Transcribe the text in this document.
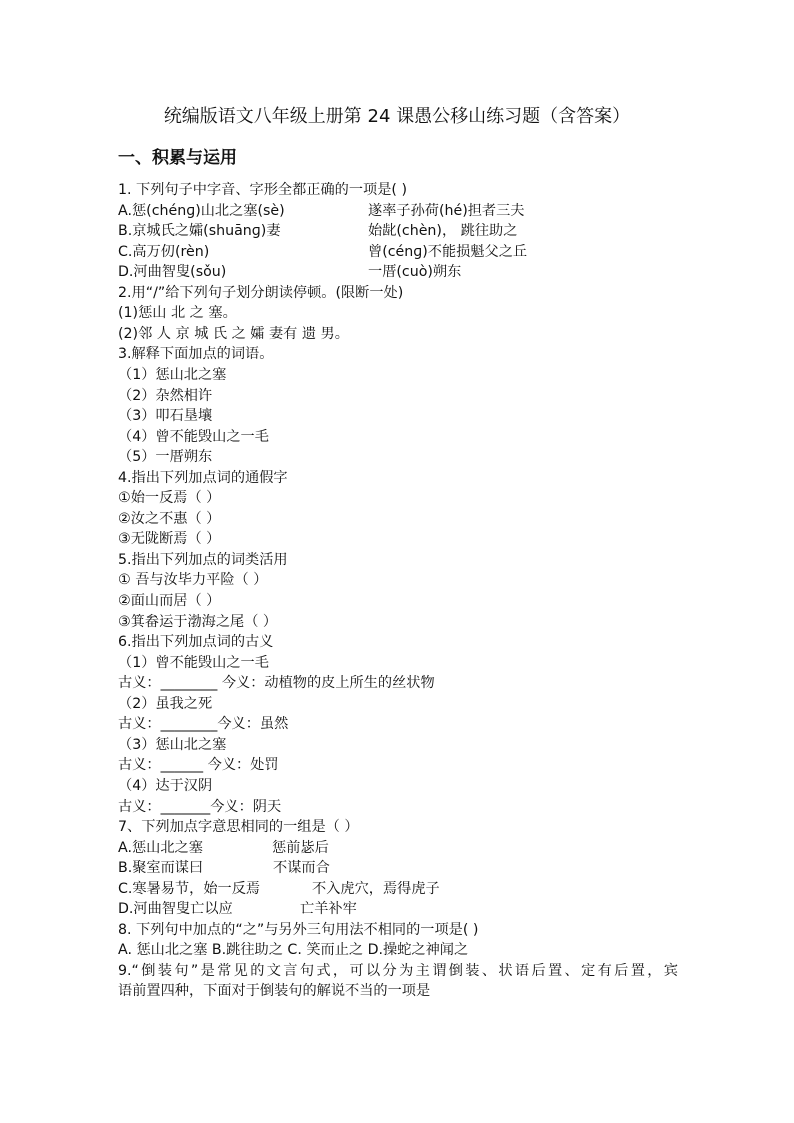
统编版语文八年级上册第 24 课愚公移山练习题（含答案）
一、积累与运用
1. 下列句子中字音、字形全都正确的一项是( )
A.惩(chénɡ)山北之塞(sè)	遂率子孙荷(hé)担者三夫
B.京城氏之孀(shuānɡ)妻	始龀(chèn)， 跳往助之
C.高万仞(rèn)	曾(cénɡ)不能损魁父之丘
D.河曲智叟(sǒu)	一厝(cuò)朔东
2.用“/”给下列句子划分朗读停顿。(限断一处)
(1)惩山 北 之 塞。
(2)邻 人 京 城 氏 之 孀 妻有 遗 男。
3.解释下面加点的词语。
（1）惩山北之塞
（2）杂然相许
（3）叩石垦壤
（4）曾不能毁山之一毛
（5）一厝朔东
4.指出下列加点词的通假字
①始一反焉（ ）
②汝之不惠（ ）
③无陇断焉（ ）
5.指出下列加点的词类活用
① 吾与汝毕力平险（ ）
②面山而居（ ）
③箕畚运于渤海之尾（ ）
6.指出下列加点词的古义
（1）曾不能毁山之一毛
古义：________ 今义：动植物的皮上所生的丝状物
（2）虽我之死
古义：________今义：虽然
（3）惩山北之塞
古义：______ 今义：处罚
（4）达于汉阴
古义：_______今义：阴天
7、下列加点字意思相同的一组是（ ）
A.惩山北之塞	惩前毖后
B.聚室而谋曰	不谋而合
C.寒暑易节，始一反焉	不入虎穴，焉得虎子
D.河曲智叟亡以应	亡羊补牢
8. 下列句中加点的“之”与另外三句用法不相同的一项是( )
A. 惩山北之塞 B.跳往助之 C. 笑而止之 D.操蛇之神闻之
9.“倒装句”是常见的文言句式，可以分为主谓倒装、状语后置、定有后置，宾
语前置四种，下面对于倒装句的解说不当的一项是
